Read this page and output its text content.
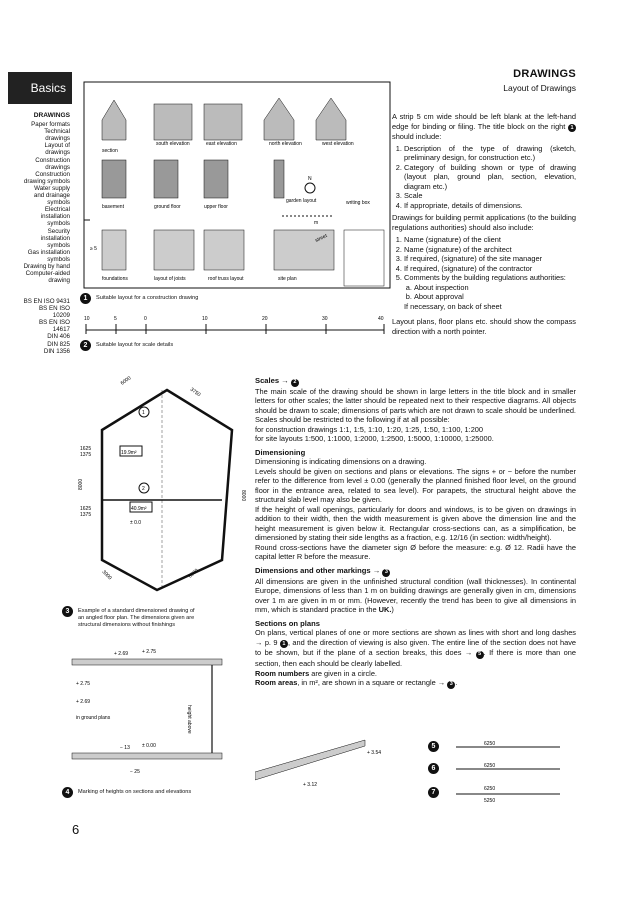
Basics
DRAWINGS
Layout of Drawings
DRAWINGS
Paper formats
Technical
drawings
Layout of
drawings
Construction
drawings
Construction
drawing symbols
Water supply
and drainage
symbols
Electrical
installation
symbols
Security
installation
symbols
Gas installation
symbols
Drawing by hand
Computer-aided
drawing
BS EN ISO 9431
BS EN ISO
10209
BS EN ISO
14617
DIN 406
DIN 825
DIN 1356
section
south elevation	east elevation	north elevation	west elevation
N
basement	ground floor	upper floor
garden layout	writing box
m
≥ 5
street
foundations	layout of joists	roof truss layout	site plan
1	Suitable layout for a construction drawing
10	5	0	10	20	30	40
2	Suitable layout for scale details
19.9m²
1
40.9m²
2
± 0.0
6000
3750
1625
1375
8000
8000
1625
1375
3000	6000
3	Example of a standard dimensioned drawing of
an angled floor plan. The dimensions given are
structural dimensions without finishings
+ 2.69	+ 2.75
+ 2.75
+ 2.69
in ground plans	height above
− 13 ± 0.00
− 25
4	Marking of heights on sections and elevations
A strip 5 cm wide should be left blank at the left-hand edge for binding or filing. The title block on the right 1 should include:
1. Description of the type of drawing (sketch, preliminary design, for construction etc.)
2. Category of building shown or type of drawing (layout plan, ground plan, section, elevation, diagram etc.)
3. Scale
4. If appropriate, details of dimensions.
Drawings for building permit applications (to the building regulations authorities) should also include:
1. Name (signature) of the client
2. Name (signature) of the architect
3. If required, (signature) of the site manager
4. If required, (signature) of the contractor
5. Comments by the building regulations authorities:
a. About inspection
b. About approval
If necessary, on back of sheet
Layout plans, floor plans etc. should show the compass direction with a north pointer.
Scales → 2
The main scale of the drawing should be shown in large letters in the title block and in smaller letters for other scales; the latter should be repeated next to their respective diagrams. All objects should be drawn to scale; dimensions of parts which are not drawn to scale should be underlined. Scales should be restricted to the following if at all possible:
for construction drawings 1:1, 1:5, 1:10, 1:20, 1:25, 1:50, 1:100, 1:200
for site layouts 1:500, 1:1000, 1:2000, 1:2500, 1:5000, 1:10000, 1:25000.
Dimensioning
Dimensioning is indicating dimensions on a drawing.
Levels should be given on sections and plans or elevations. The signs + or − before the number refer to the difference from level ± 0.00 (generally the planned finished floor level, on the ground floor in the entrance area, related to sea level). For parapets, the structural height above the structural slab level may also be given.
If the height of wall openings, particularly for doors and windows, is to be given on drawings in addition to their width, then the width measurement is given above the dimension line and the height measurement is given below it. Rectangular cross-sections can, as a simplification, be dimensioned by stating their side lengths as a fraction, e.g. 12/16 (in section: width/height).
Round cross-sections have the diameter sign Ø before the measure: e.g. Ø 12. Radii have the capital letter R before the measure.
Dimensions and other markings → 3
All dimensions are given in the unfinished structural condition (wall thicknesses). In continental Europe, dimensions of less than 1 m on building drawings are generally given in cm, dimensions over 1 m are given in m or mm. (However, recently the trend has been to give all dimensions in mm, which is standard practice in the UK.)
Sections on plans
On plans, vertical planes of one or more sections are shown as lines with short and long dashes → p. 9 1 , and the direction of viewing is also given. The entire line of the section does not have to be shown, but if the plane of a section breaks, this does → 5 . If there is more than one section, then each should be clearly labelled.
Room numbers are given in a circle.
Room areas, in m², are shown in a square or rectangle → 3 .
+ 3.54
+ 3.12
5	6250
6	6250
7	6250
5250
6
